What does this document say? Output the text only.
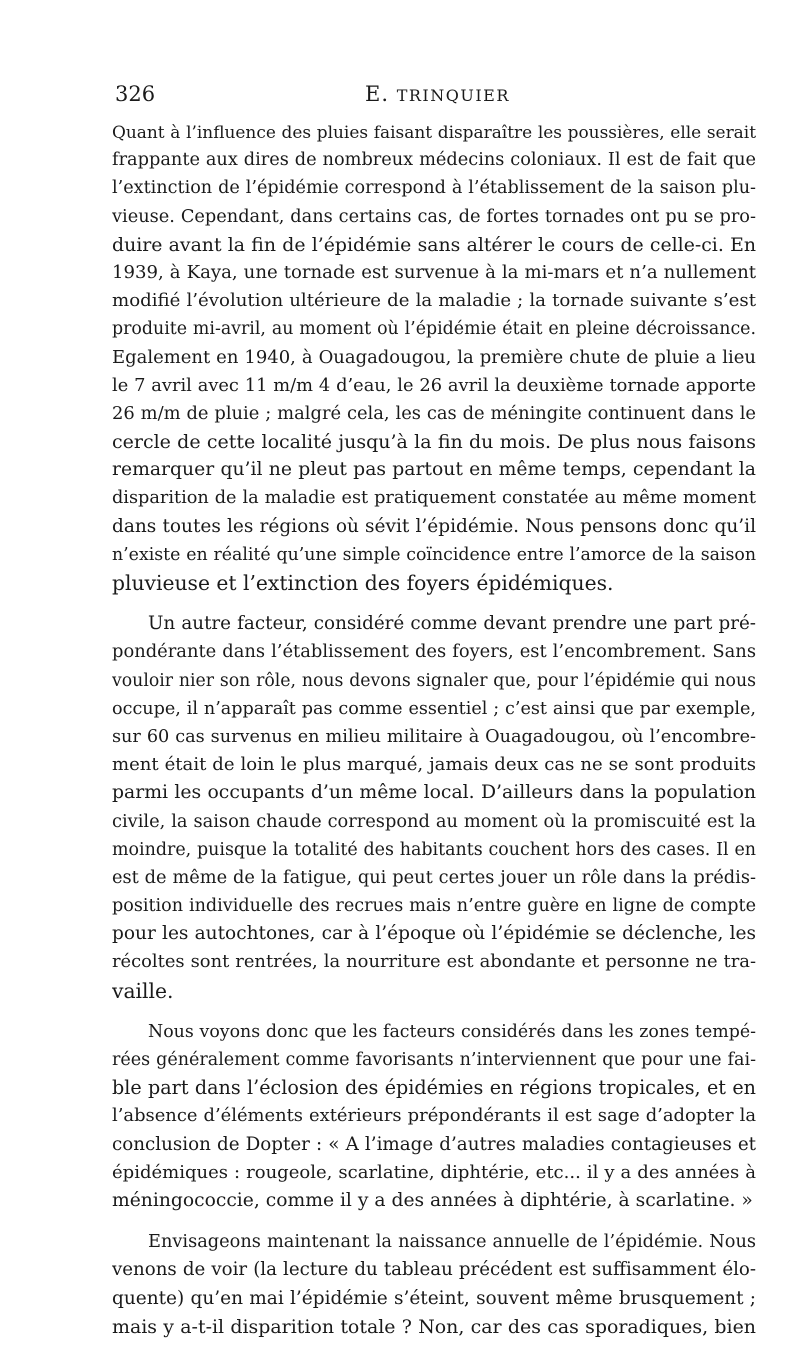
326	E. TRINQUIER
Quant à l’influence des pluies faisant disparaître les poussières, elle serait
frappante aux dires de nombreux médecins coloniaux. Il est de fait que
l’extinction de l’épidémie correspond à l’établissement de la saison plu-
vieuse. Cependant, dans certains cas, de fortes tornades ont pu se pro-
duire avant la fin de l’épidémie sans altérer le cours de celle-ci. En
1939, à Kaya, une tornade est survenue à la mi-mars et n’a nullement
modifié l’évolution ultérieure de la maladie ; la tornade suivante s’est
produite mi-avril, au moment où l’épidémie était en pleine décroissance.
Egalement en 1940, à Ouagadougou, la première chute de pluie a lieu
le 7 avril avec 11 m/m 4 d’eau, le 26 avril la deuxième tornade apporte
26 m/m de pluie ; malgré cela, les cas de méningite continuent dans le
cercle de cette localité jusqu’à la fin du mois. De plus nous faisons
remarquer qu’il ne pleut pas partout en même temps, cependant la
disparition de la maladie est pratiquement constatée au même moment
dans toutes les régions où sévit l’épidémie. Nous pensons donc qu’il
n’existe en réalité qu’une simple coïncidence entre l’amorce de la saison
pluvieuse et l’extinction des foyers épidémiques.
Un autre facteur, considéré comme devant prendre une part pré-
pondérante dans l’établissement des foyers, est l’encombrement. Sans
vouloir nier son rôle, nous devons signaler que, pour l’épidémie qui nous
occupe, il n’apparaît pas comme essentiel ; c’est ainsi que par exemple,
sur 60 cas survenus en milieu militaire à Ouagadougou, où l’encombre-
ment était de loin le plus marqué, jamais deux cas ne se sont produits
parmi les occupants d’un même local. D’ailleurs dans la population
civile, la saison chaude correspond au moment où la promiscuité est la
moindre, puisque la totalité des habitants couchent hors des cases. Il en
est de même de la fatigue, qui peut certes jouer un rôle dans la prédis-
position individuelle des recrues mais n’entre guère en ligne de compte
pour les autochtones, car à l’époque où l’épidémie se déclenche, les
récoltes sont rentrées, la nourriture est abondante et personne ne tra-
vaille.
Nous voyons donc que les facteurs considérés dans les zones tempé-
rées généralement comme favorisants n’interviennent que pour une fai-
ble part dans l’éclosion des épidémies en régions tropicales, et en
l’absence d’éléments extérieurs prépondérants il est sage d’adopter la
conclusion de Dopter : « A l’image d’autres maladies contagieuses et
épidémiques : rougeole, scarlatine, diphtérie, etc... il y a des années à
méningococcie, comme il y a des années à diphtérie, à scarlatine. »
Envisageons maintenant la naissance annuelle de l’épidémie. Nous
venons de voir (la lecture du tableau précédent est suffisamment élo-
quente) qu’en mai l’épidémie s’éteint, souvent même brusquement ;
mais y a-t-il disparition totale ? Non, car des cas sporadiques, bien
